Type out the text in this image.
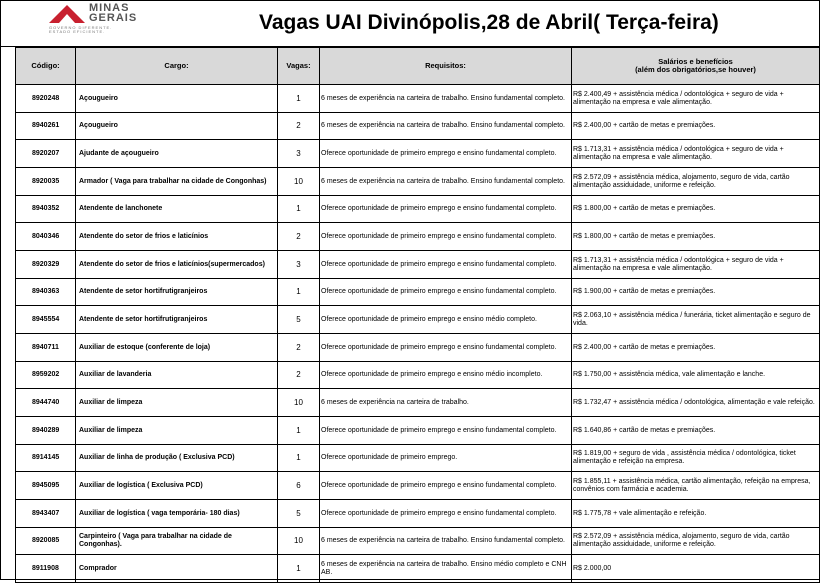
MINAS
GERAIS
GOVERNO DIFERENTE.
ESTADO EFICIENTE.	Vagas UAI Divinópolis,28 de Abril( Terça-feira)
Código:	Cargo:	Vagas:	Requisitos:	Salários e benefícios
(além dos obrigatórios,se houver)

8920248	Açougueiro	1	6 meses de experiência na carteira de trabalho. Ensino fundamental completo.	R$ 2.400,49 + assistência médica / odontológica + seguro de vida + alimentação na empresa e vale alimentação.
8940261	Açougueiro	2	6 meses de experiência na carteira de trabalho. Ensino fundamental completo.	R$ 2.400,00 + cartão de metas e premiações.
8920207	Ajudante de açougueiro	3	Oferece oportunidade de primeiro emprego e ensino fundamental completo.	R$ 1.713,31 + assistência médica / odontológica + seguro de vida + alimentação na empresa e vale alimentação.
8920035	Armador ( Vaga para trabalhar na cidade de Congonhas)	10	6 meses de experiência na carteira de trabalho. Ensino fundamental completo.	R$ 2.572,09 + assistência médica, alojamento, seguro de vida, cartão alimentação assiduidade, uniforme e refeição.
8940352	Atendente de lanchonete	1	Oferece oportunidade de primeiro emprego e ensino fundamental completo.	R$ 1.800,00 + cartão de metas e premiações.
8040346	Atendente do setor de frios e laticínios	2	Oferece oportunidade de primeiro emprego e ensino fundamental completo.	R$ 1.800,00 + cartão de metas e premiações.
8920329	Atendente do setor de frios e laticínios(supermercados)	3	Oferece oportunidade de primeiro emprego e ensino fundamental completo.	R$ 1.713,31 + assistência médica / odontológica + seguro de vida + alimentação na empresa e vale alimentação.
8940363	Atendente de setor hortifrutigranjeiros	1	Oferece oportunidade de primeiro emprego e ensino fundamental completo.	R$ 1.900,00 + cartão de metas e premiações.
8945554	Atendente de setor hortifrutigranjeiros	5	Oferece oportunidade de primeiro emprego e ensino médio completo.	R$ 2.063,10 + assistência médica / funerária, ticket alimentação e seguro de vida.
8940711	Auxiliar de estoque (conferente de loja)	2	Oferece oportunidade de primeiro emprego e ensino fundamental completo.	R$ 2.400,00 + cartão de metas e premiações.
8959202	Auxiliar de lavanderia	2	Oferece oportunidade de primeiro emprego e ensino médio incompleto.	R$ 1.750,00 + assistência médica, vale alimentação e lanche.
8944740	Auxiliar de limpeza	10	6 meses de experiência na carteira de trabalho.	R$ 1.732,47 + assistência médica / odontológica, alimentação e vale refeição.
8940289	Auxiliar de limpeza	1	Oferece oportunidade de primeiro emprego e ensino fundamental completo.	R$ 1.640,86 + cartão de metas e premiações.
8914145	Auxiliar de linha de produção ( Exclusiva PCD)	1	Oferece oportunidade de primeiro emprego.	R$ 1.819,00 + seguro de vida , assistência médica / odontológica, ticket alimentação e refeição na empresa.
8945095	Auxiliar de logística ( Exclusiva PCD)	6	Oferece oportunidade de primeiro emprego e ensino fundamental completo.	R$ 1.855,11 + assistência médica, cartão alimentação, refeição na empresa, convênios com farmácia e academia.
8943407	Auxiliar de logística ( vaga temporária- 180 dias)	5	Oferece oportunidade de primeiro emprego e ensino fundamental completo.	R$ 1.775,78 + vale alimentação e refeição.
8920085	Carpinteiro ( Vaga para trabalhar na cidade de Congonhas).	10	6 meses de experiência na carteira de trabalho. Ensino fundamental completo.	R$ 2.572,09 + assistência médica, alojamento, seguro de vida, cartão alimentação assiduidade, uniforme e refeição.
8911908	Comprador	1	6 meses de experiência na carteira de trabalho. Ensino médio completo e CNH AB.	R$ 2.000,00
